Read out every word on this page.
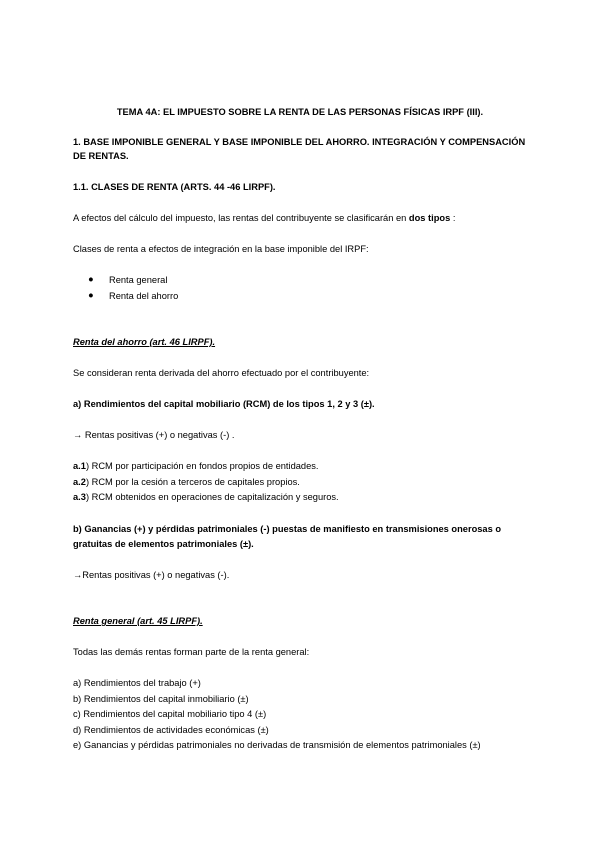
TEMA 4A: EL IMPUESTO SOBRE LA RENTA DE LAS PERSONAS FÍSICAS IRPF (III).
1. BASE IMPONIBLE GENERAL Y BASE IMPONIBLE DEL AHORRO. INTEGRACIÓN Y COMPENSACIÓN
DE RENTAS.
1.1. CLASES DE RENTA (ARTS. 44 -46 LIRPF).
A efectos del cálculo del impuesto, las rentas del contribuyente se clasificarán en dos tipos :
Clases de renta a efectos de integración en la base imponible del IRPF:
● Renta general
● Renta del ahorro
Renta del ahorro (art. 46 LIRPF).
Se consideran renta derivada del ahorro efectuado por el contribuyente:
a) Rendimientos del capital mobiliario (RCM) de los tipos 1, 2 y 3 (±).
→ Rentas positivas (+) o negativas (-) .
a.1) RCM por participación en fondos propios de entidades.
a.2) RCM por la cesión a terceros de capitales propios.
a.3) RCM obtenidos en operaciones de capitalización y seguros.
b) Ganancias (+) y pérdidas patrimoniales (-) puestas de manifiesto en transmisiones onerosas o
gratuitas de elementos patrimoniales (±).
→Rentas positivas (+) o negativas (-).
Renta general (art. 45 LIRPF).
Todas las demás rentas forman parte de la renta general:
a) Rendimientos del trabajo (+)
b) Rendimientos del capital inmobiliario (±)
c) Rendimientos del capital mobiliario tipo 4 (±)
d) Rendimientos de actividades económicas (±)
e) Ganancias y pérdidas patrimoniales no derivadas de transmisión de elementos patrimoniales (±)
